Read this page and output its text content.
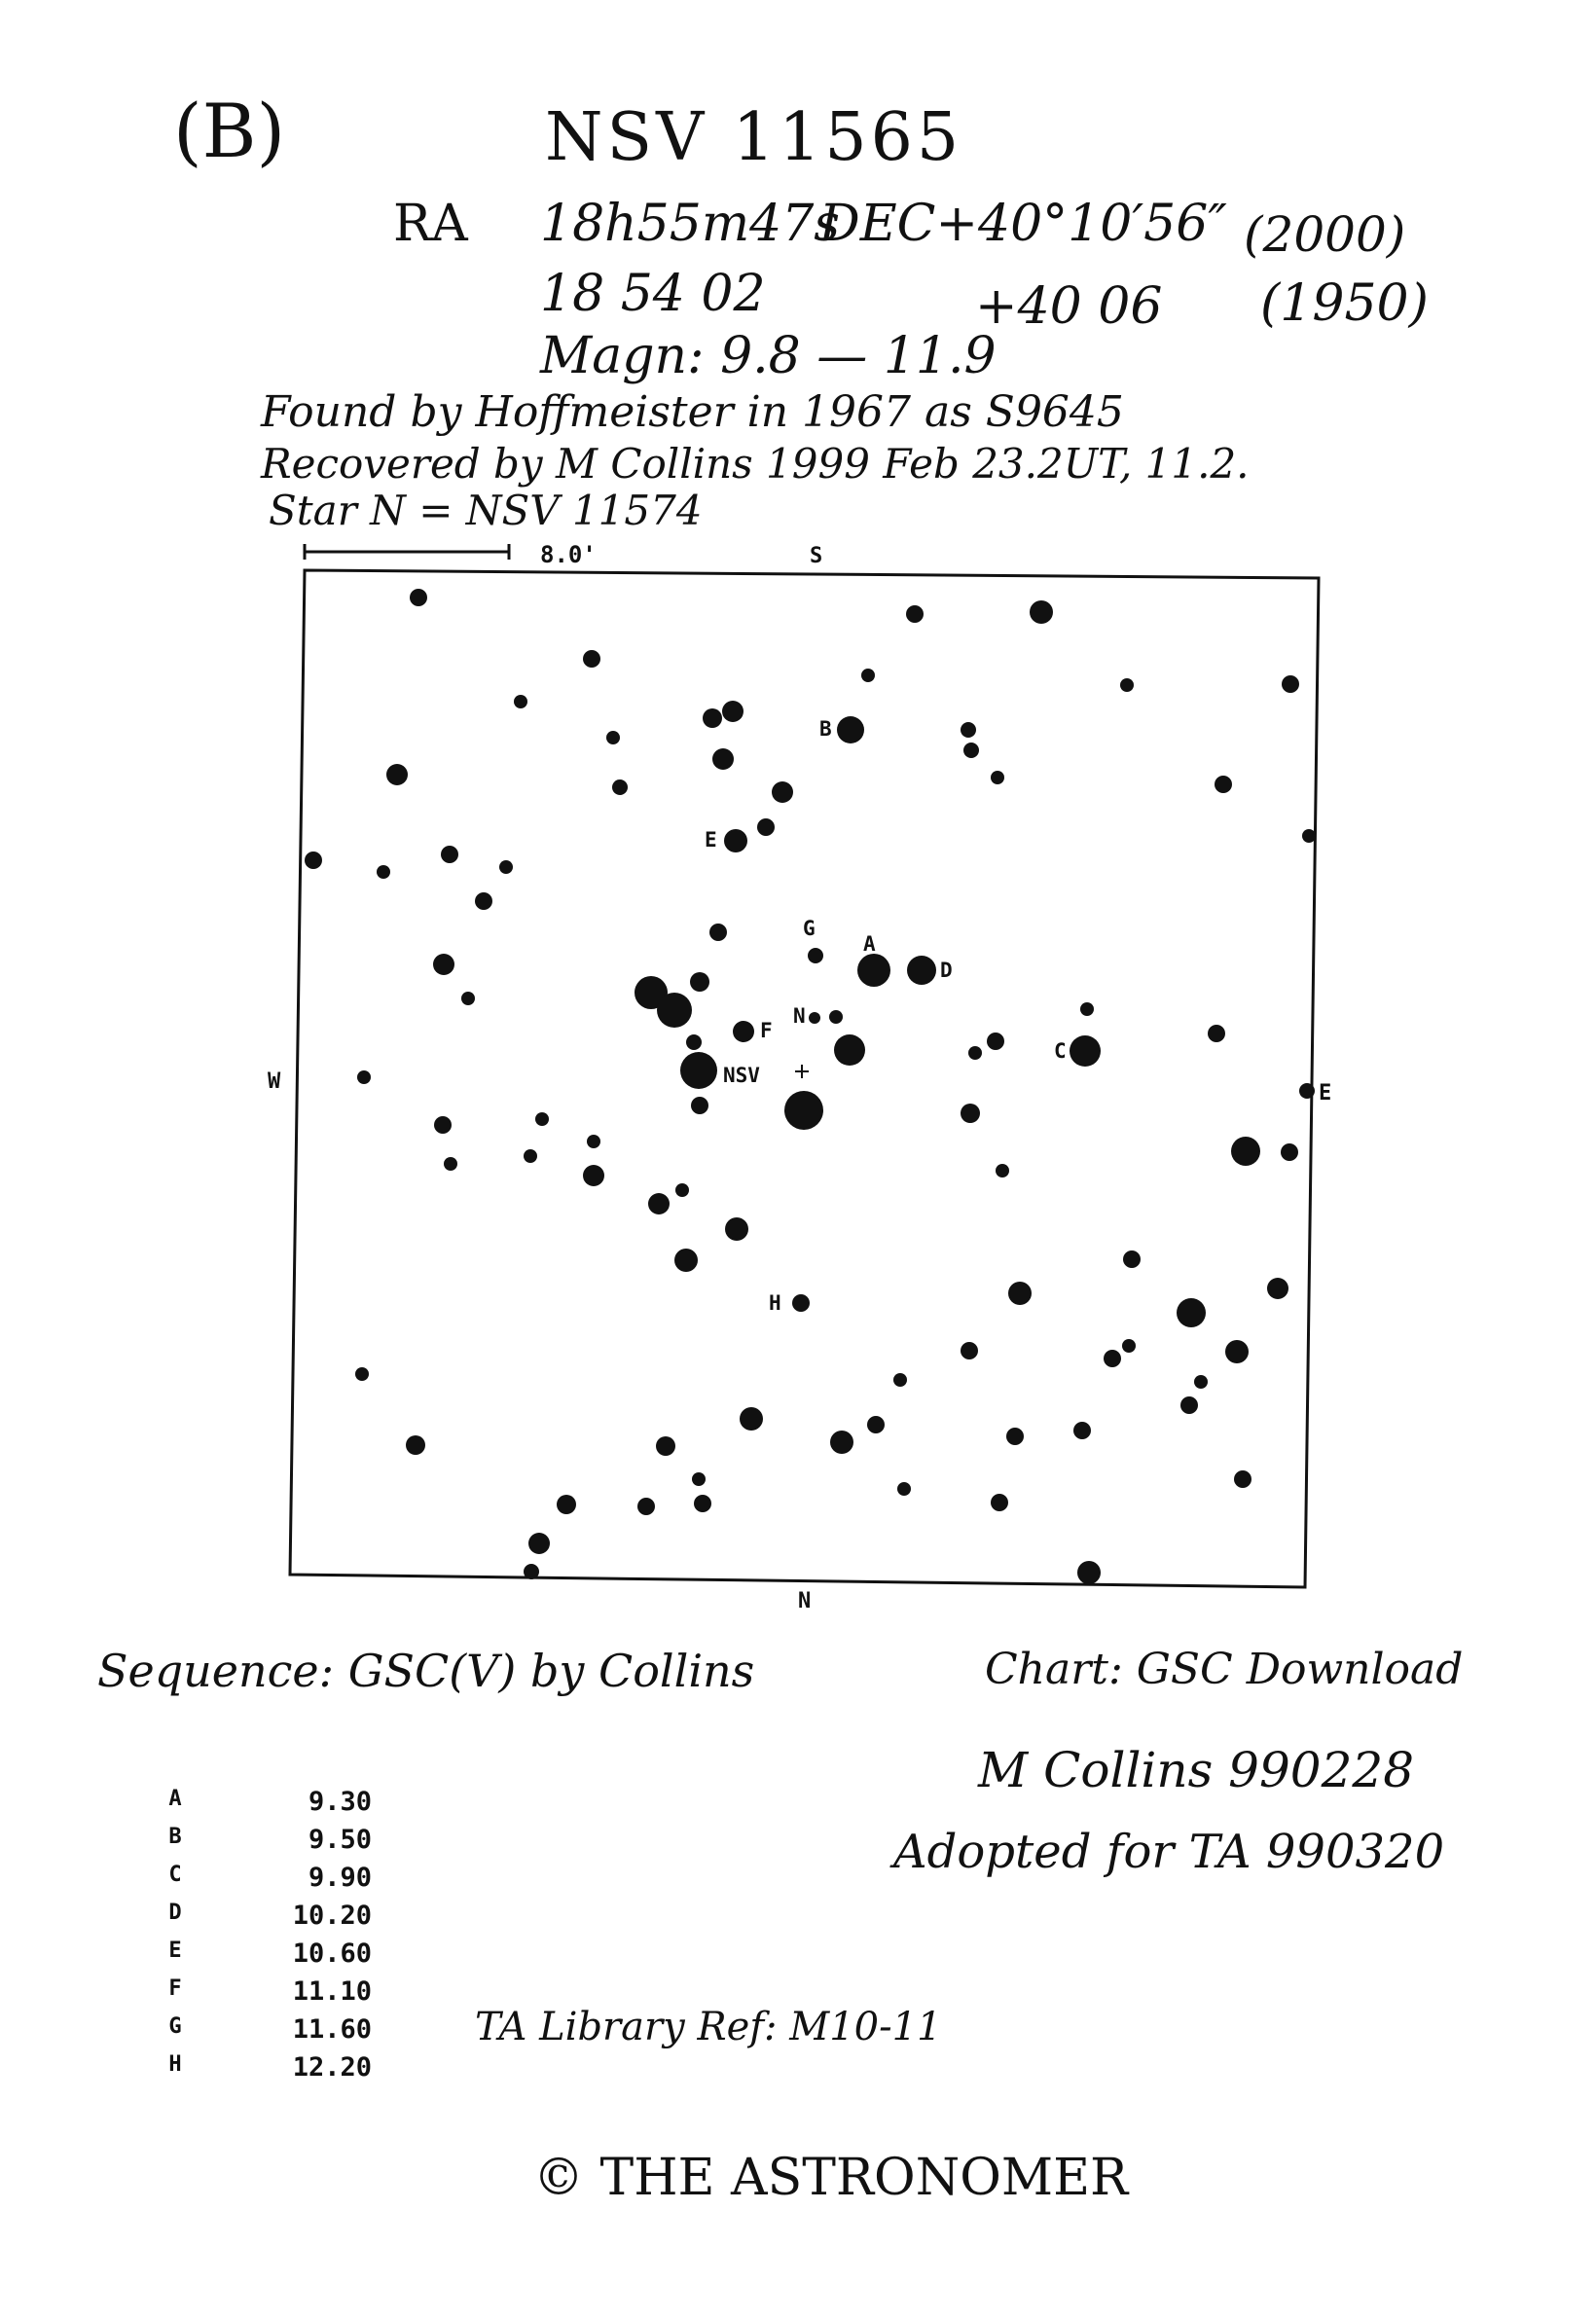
(B)	NSV 11565
RA 18h55m47s
DEC+40°10′56″ (2000)
18 54 02	+40 06 (1950)
Magn: 9.8 — 11.9
Found by Hoffmeister in 1967 as S9645
Recovered by M Collins 1999 Feb 23.2UT, 11.2.
Star N = NSV 11574
8.0'	S
N
W	E
NSV
A
B
C
D
E
F
G
H
N
Sequence: GSC(V) by Collins	Chart: GSC Download
M Collins 990228
Adopted for TA 990320
A	9.30
B	9.50
C	9.90
D	10.20
E	10.60
F	11.10
G	11.60
H	12.20
TA Library Ref: M10-11
© THE ASTRONOMER
